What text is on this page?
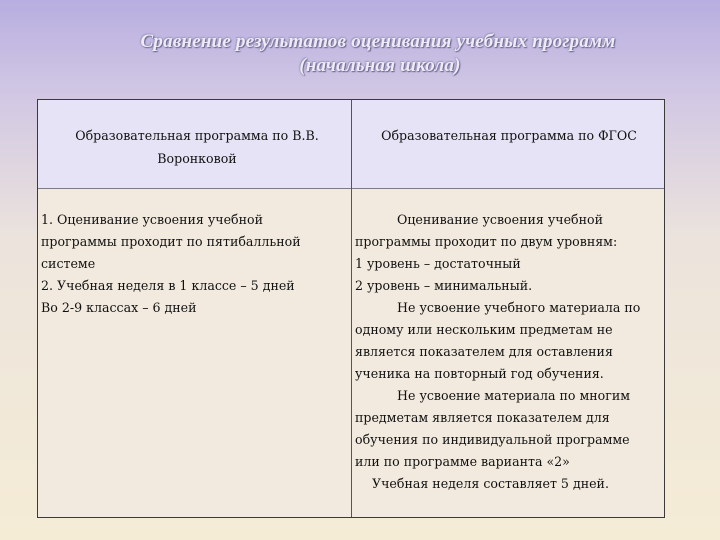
Сравнение результатов оценивания учебных программ
(начальная школа)
Образовательная программа по В.В.
Воронковой
Образовательная программа по ФГОС
1. Оценивание усвоения учебной
программы проходит по пятибалльной
системе
2. Учебная неделя в 1 классе – 5 дней
Во 2-9 классах – 6 дней
Оценивание усвоения учебной
программы проходит по двум уровням:
1 уровень – достаточный
2 уровень – минимальный.
Не усвоение учебного материала по
одному или нескольким предметам не
является показателем для оставления
ученика на повторный год обучения.
Не усвоение материала по многим
предметам является показателем для
обучения по индивидуальной программе
или по программе варианта «2»
Учебная неделя составляет 5 дней.
